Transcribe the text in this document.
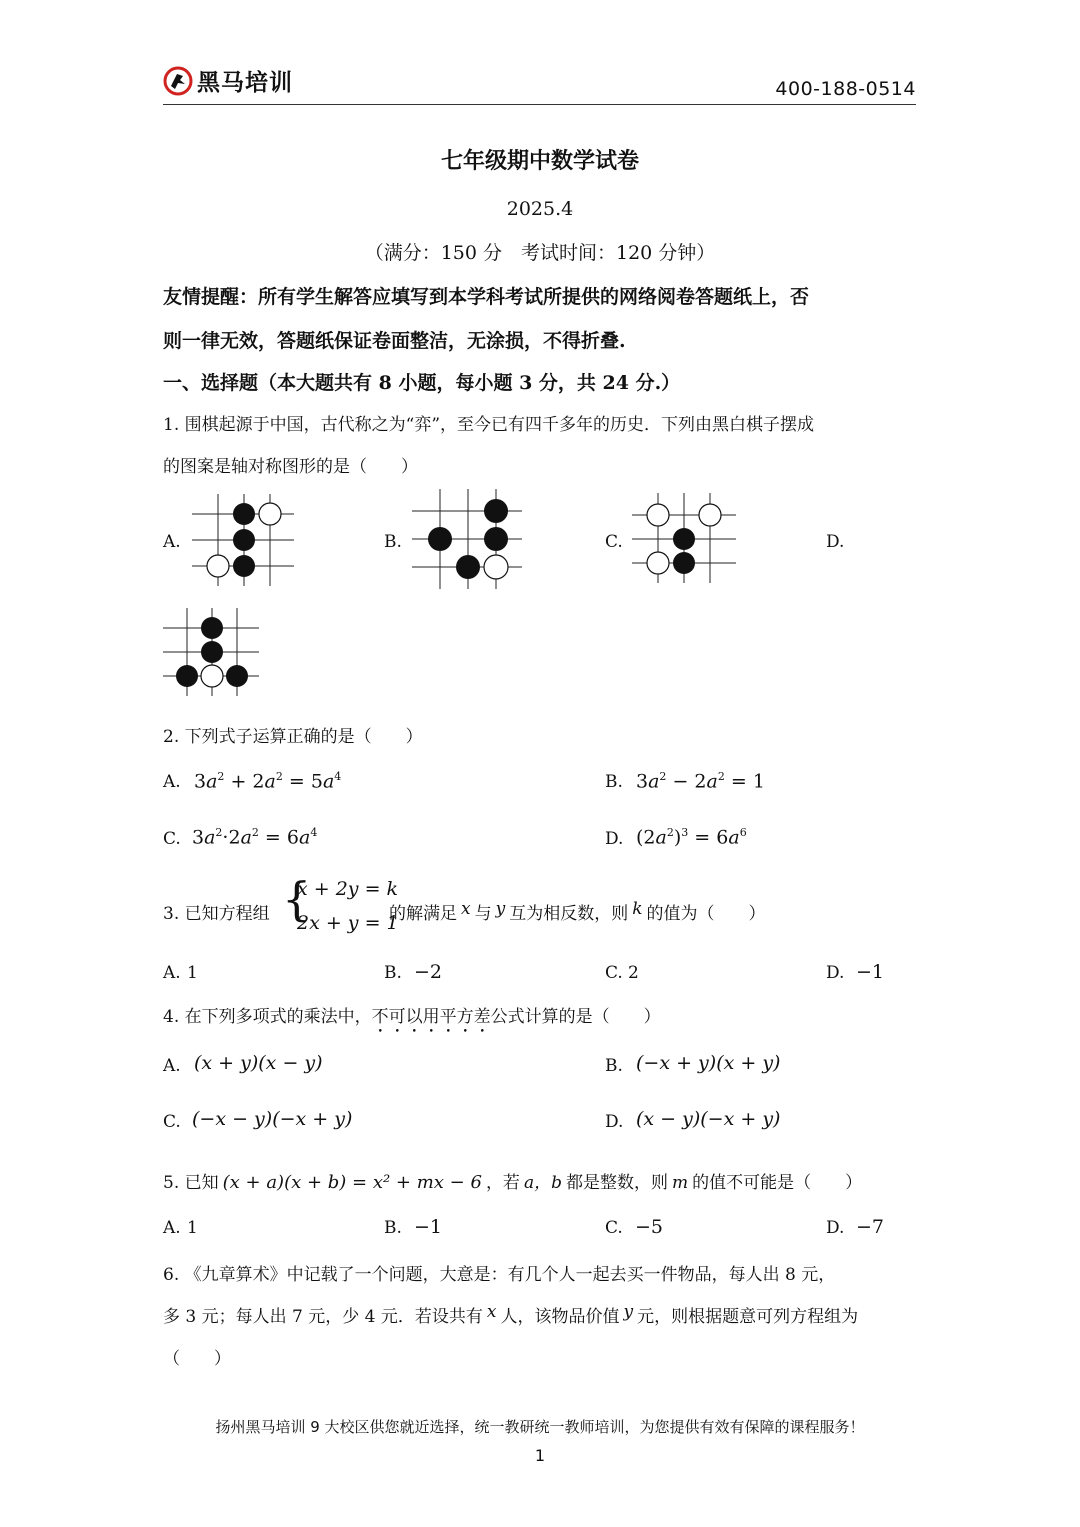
黑马培训	400-188-0514
七年级期中数学试卷
2025.4
（满分：150 分　考试时间：120 分钟）
友情提醒：所有学生解答应填写到本学科考试所提供的网络阅卷答题纸上，否
则一律无效，答题纸保证卷面整洁，无涂损，不得折叠.
一、选择题（本大题共有 8 小题，每小题 3 分，共 24 分.）
1. 围棋起源于中国，古代称之为“弈”，至今已有四千多年的历史．下列由黑白棋子摆成
的图案是轴对称图形的是（　　）
A.	B.	C.	D.
2. 下列式子运算正确的是（　　）
A. $3a^2 + 2a^2 = 5a^4$	B. $3a^2 - 2a^2 = 1$
C. $3a^2\cdot 2a^2 = 6a^4$	D. $(2a^2)^3 = 6a^6$
3. 已知方程组 {
x + 2y = k
2x + y = 1
的解满足 x 与 y 互为相反数，则 k 的值为（　　）
A. 1	B. −2	C. 2	D. −1
4. 在下列多项式的乘法中，不可以用平方差公式计算的是（　　）
A. (x + y)(x − y)	B. (−x + y)(x + y)
C. (−x − y)(−x + y)	D. (x − y)(−x + y)
5. 已知 (x + a)(x + b) = x² + mx − 6 ，若 a，b 都是整数，则 m 的值不可能是（　　）
A. 1	B. −1	C. −5	D. −7
6. 《九章算术》中记载了一个问题，大意是：有几个人一起去买一件物品，每人出 8 元，
多 3 元；每人出 7 元，少 4 元．若设共有 x 人，该物品价值 y 元，则根据题意可列方程组为
（　　）
扬州黑马培训 9 大校区供您就近选择，统一教研统一教师培训，为您提供有效有保障的课程服务！
1
